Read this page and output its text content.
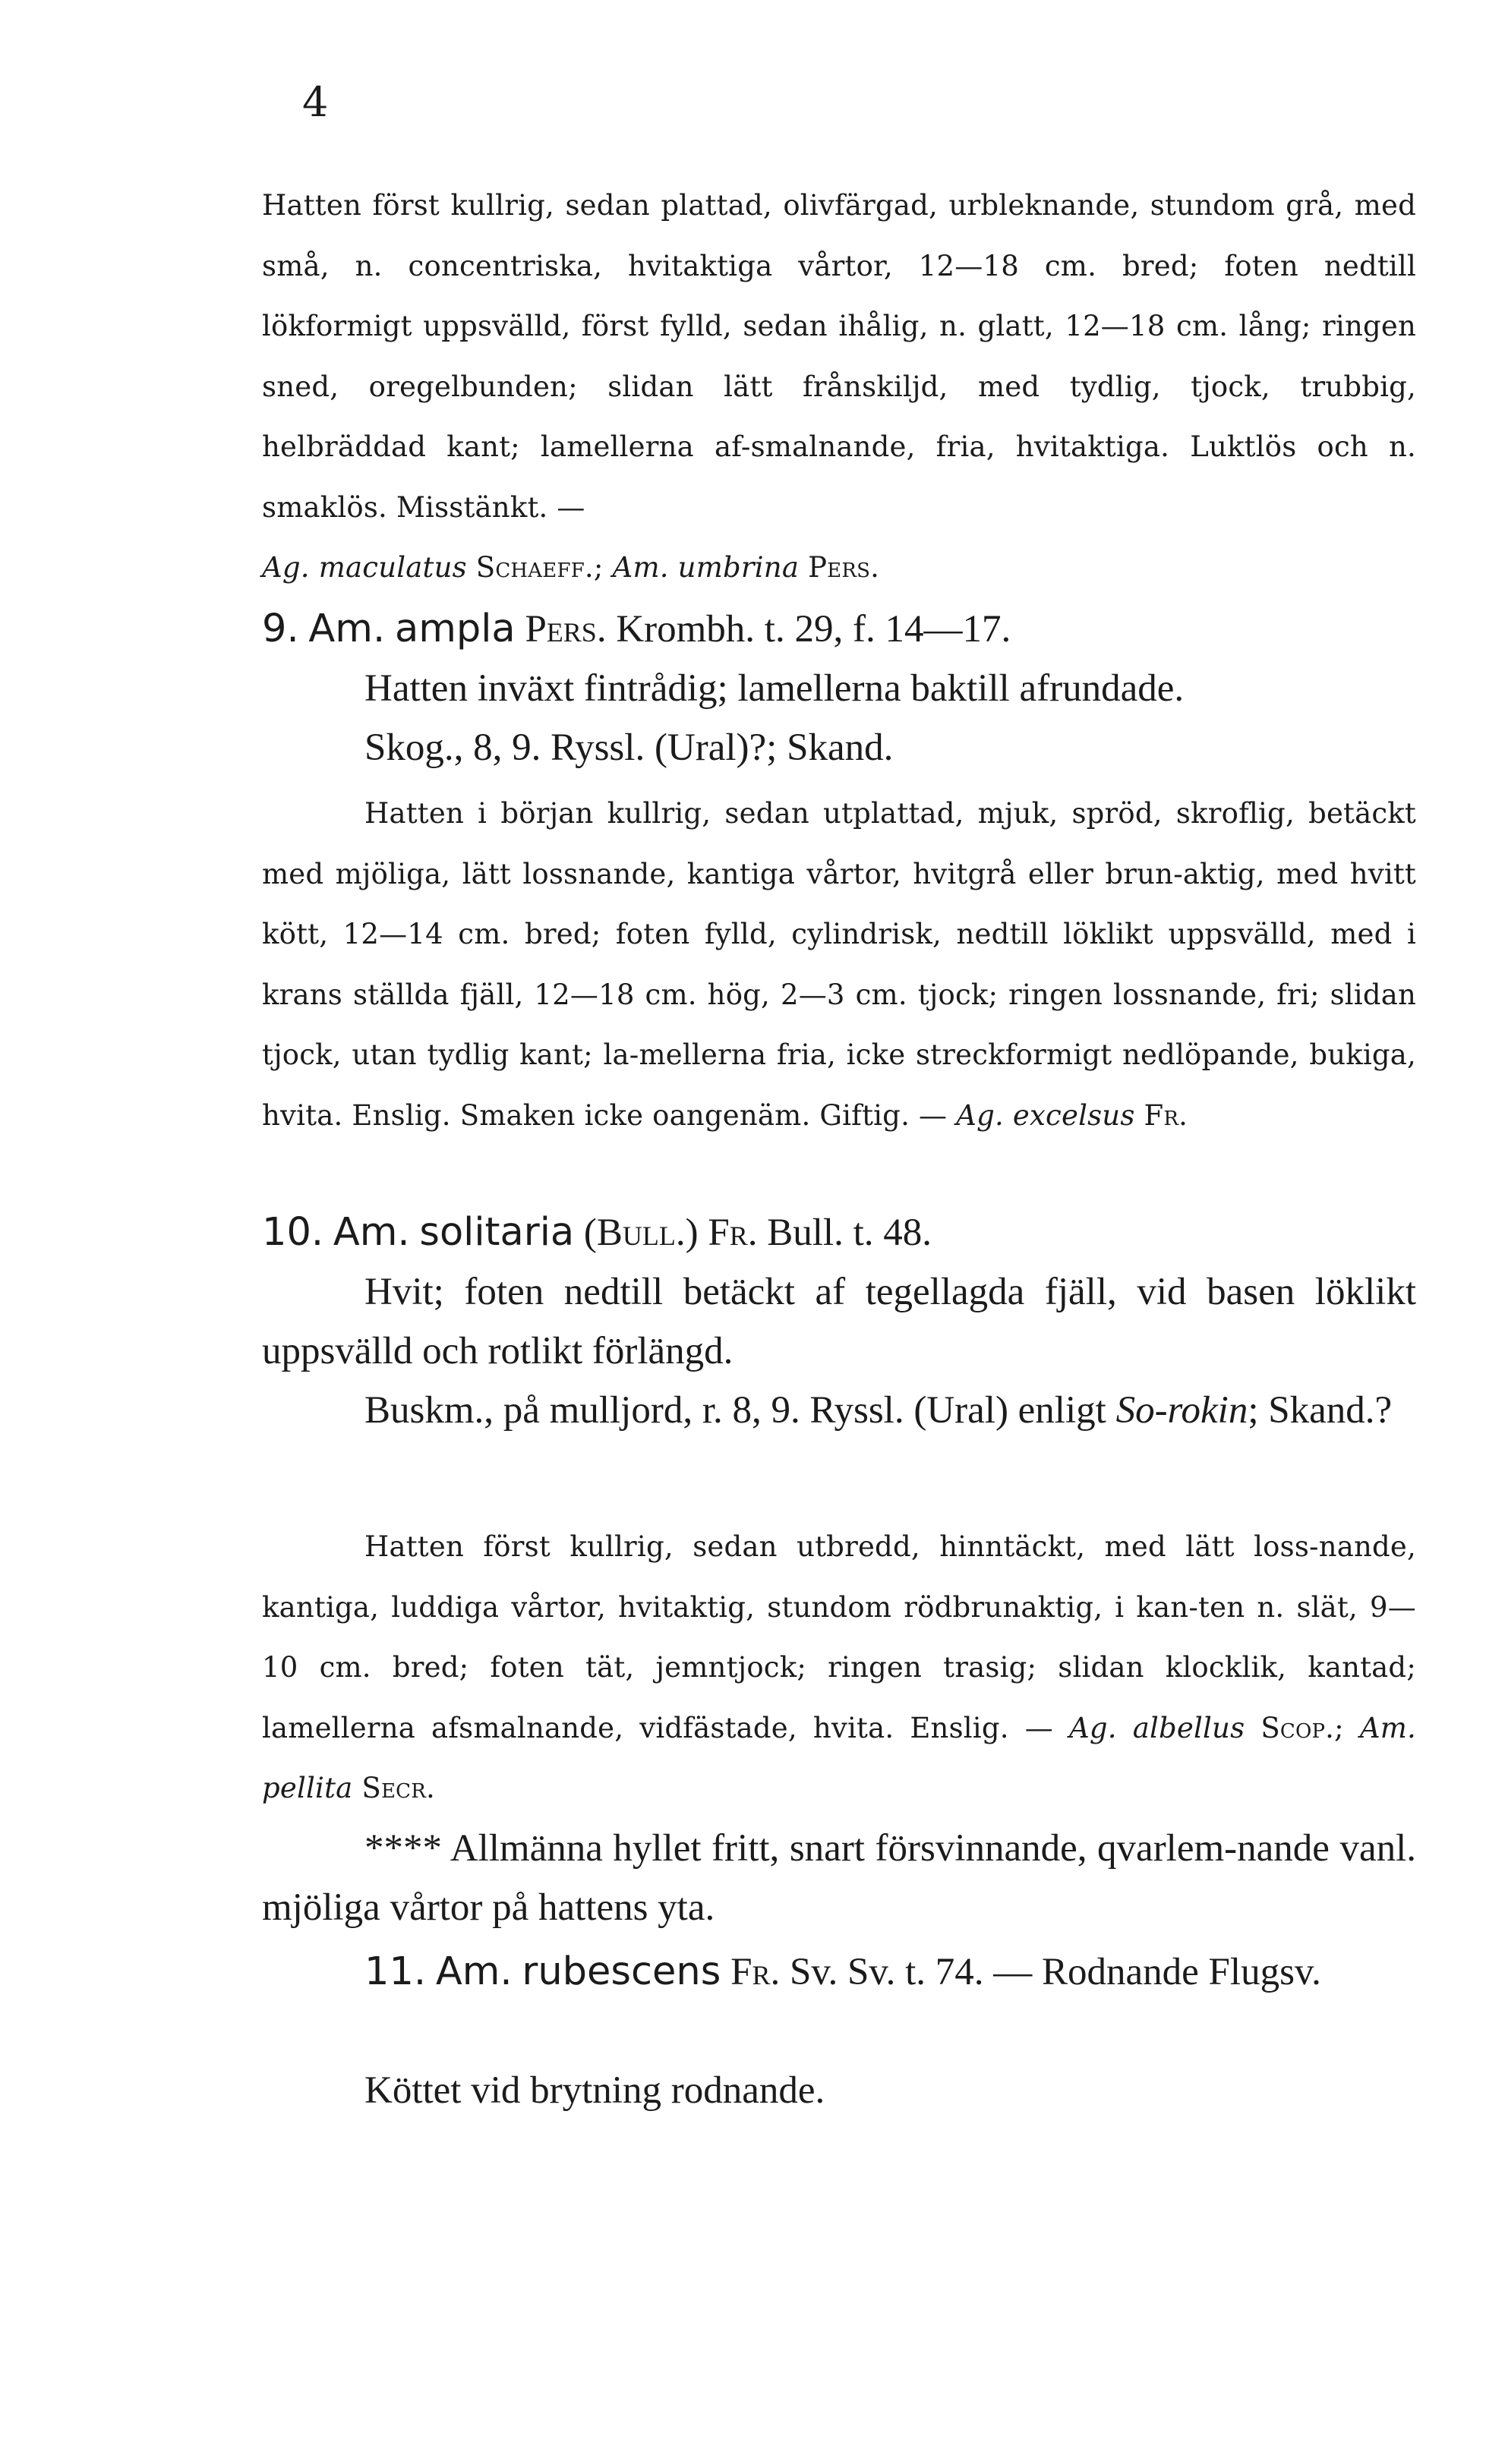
4
Hatten först kullrig, sedan plattad, olivfärgad, urbleknande, stundom grå, med små, n. concentriska, hvitaktiga vårtor, 12—18 cm. bred; foten nedtill lökformigt uppsvälld, först fylld, sedan ihålig, n. glatt, 12—18 cm. lång; ringen sned, oregelbunden; slidan lätt frånskiljd, med tydlig, tjock, trubbig, helbräddad kant; lamellerna af-smalnande, fria, hvitaktiga. Luktlös och n. smaklös. Misstänkt. —
Ag. maculatus Schaeff.; Am. umbrina Pers.
9. Am. ampla Pers. Krombh. t. 29, f. 14—17.
Hatten inväxt fintrådig; lamellerna baktill afrundade.
Skog., 8, 9. Ryssl. (Ural)?; Skand.
Hatten i början kullrig, sedan utplattad, mjuk, spröd, skroflig, betäckt med mjöliga, lätt lossnande, kantiga vårtor, hvitgrå eller brun-aktig, med hvitt kött, 12—14 cm. bred; foten fylld, cylindrisk, nedtill löklikt uppsvälld, med i krans ställda fjäll, 12—18 cm. hög, 2—3 cm. tjock; ringen lossnande, fri; slidan tjock, utan tydlig kant; la-mellerna fria, icke streckformigt nedlöpande, bukiga, hvita. Enslig. Smaken icke oangenäm. Giftig. — Ag. excelsus Fr.
10. Am. solitaria (Bull.) Fr. Bull. t. 48.
Hvit; foten nedtill betäckt af tegellagda fjäll, vid basen löklikt uppsvälld och rotlikt förlängd.
Buskm., på mulljord, r. 8, 9. Ryssl. (Ural) enligt So-rokin; Skand.?
Hatten först kullrig, sedan utbredd, hinntäckt, med lätt loss-nande, kantiga, luddiga vårtor, hvitaktig, stundom rödbrunaktig, i kan-ten n. slät, 9—10 cm. bred; foten tät, jemntjock; ringen trasig; slidan klocklik, kantad; lamellerna afsmalnande, vidfästade, hvita. Enslig. — Ag. albellus Scop.; Am. pellita Secr.
**** Allmänna hyllet fritt, snart försvinnande, qvarlem-nande vanl. mjöliga vårtor på hattens yta.
11. Am. rubescens Fr. Sv. Sv. t. 74. — Rodnande Flugsv.
Köttet vid brytning rodnande.
